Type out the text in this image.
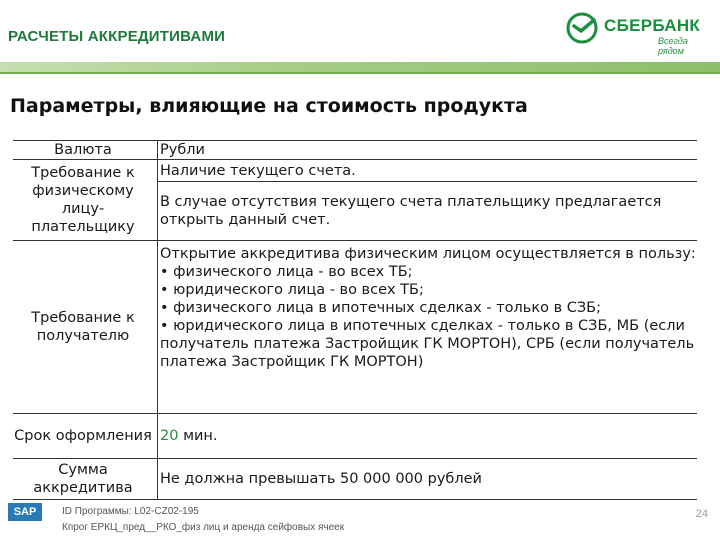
РАСЧЕТЫ АККРЕДИТИВАМИ
СБЕРБАНК
Всегда рядом
Параметры, влияющие на стоимость продукта
Валюта	Рубли
Требование к физическому лицу-плательщику	Наличие текущего счета.
	В случае отсутствия текущего счета плательщику предлагается открыть данный счет.
Требование к получателю	Открытие аккредитива физическим лицом осуществляется в пользу:
• физического лица - во всех ТБ;
• юридического лица - во всех ТБ;
• физического лица в ипотечных сделках - только в СЗБ;
• юридического лица в ипотечных сделках - только в СЗБ, МБ (если получатель платежа Застройщик ГК МОРТОН), СРБ (если получатель платежа Застройщик ГК МОРТОН)

Срок оформления	20 мин.
Сумма аккредитива	Не должна превышать 50 000 000 рублей
SAP	ID Программы: L02-CZ02-195
Кпрог ЕРКЦ_пред__РКО_физ лиц и аренда сейфовых ячеек
24
